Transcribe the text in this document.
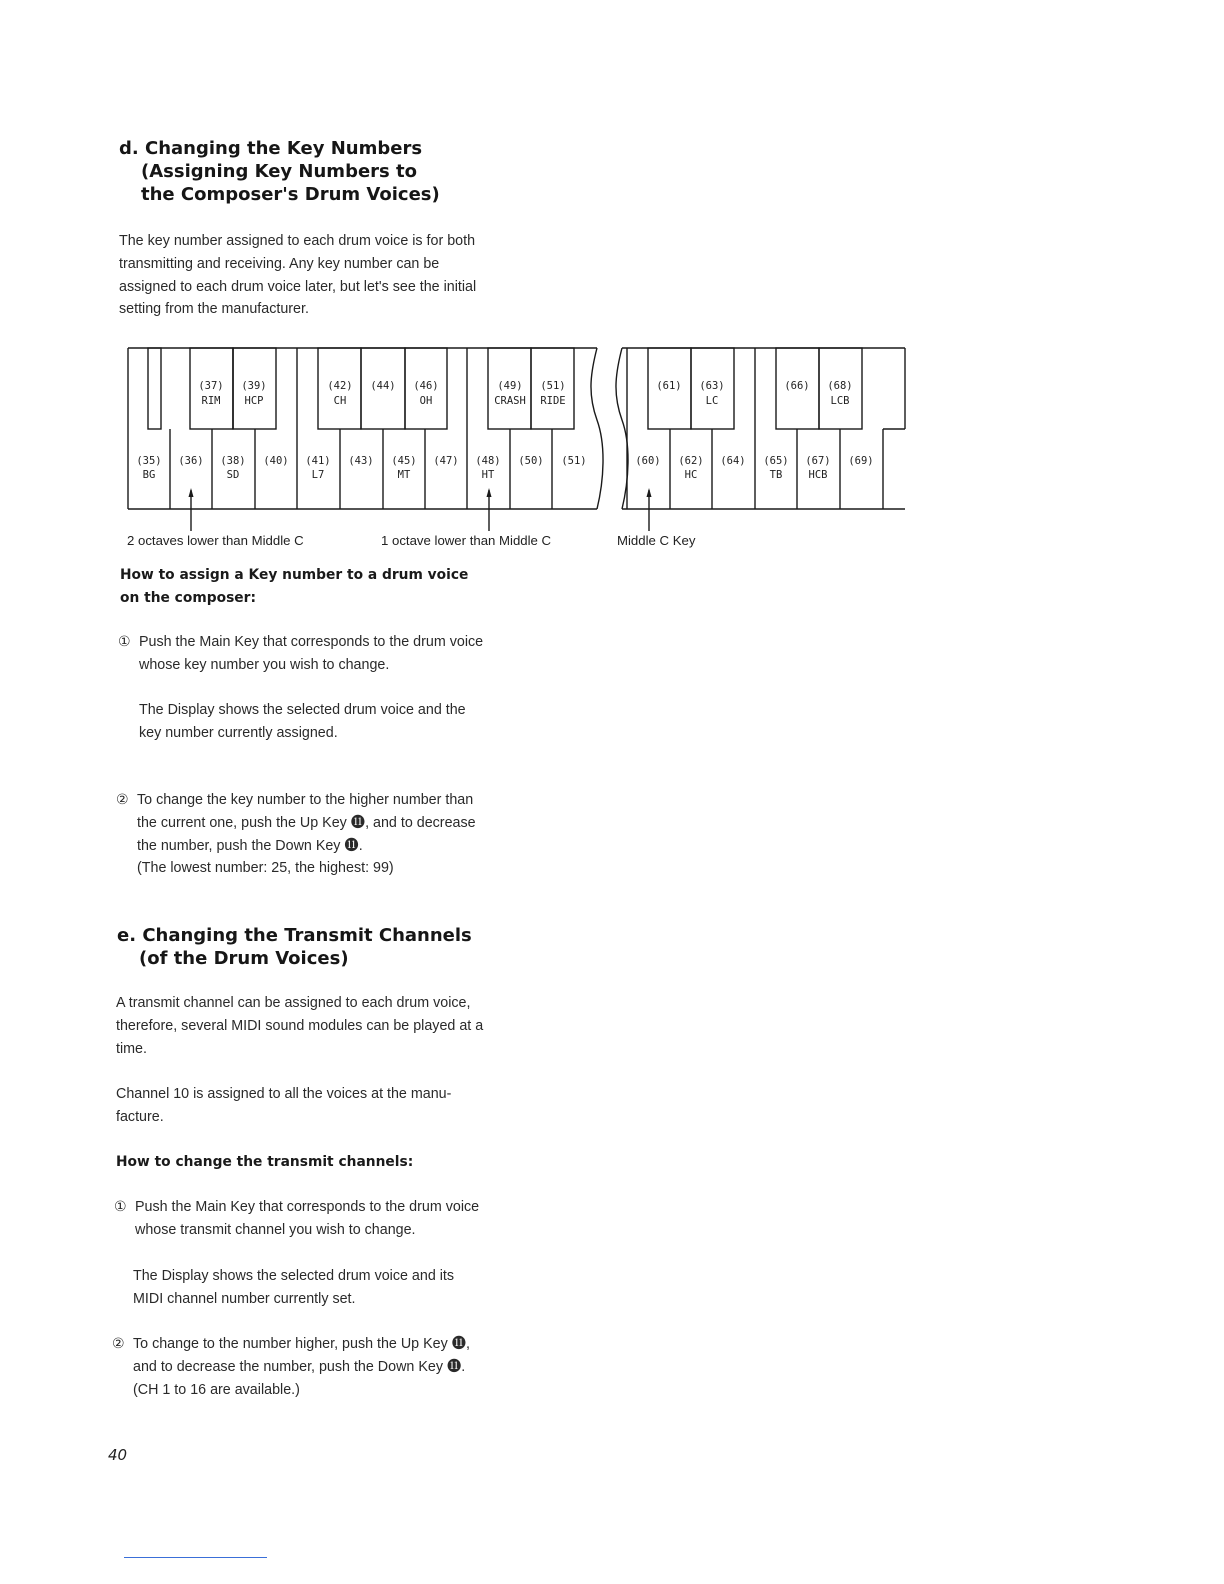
d. Changing the Key Numbers
(Assigning Key Numbers to
the Composer's Drum Voices)

The key number assigned to each drum voice is for both transmitting and receiving. Any key number can be assigned to each drum voice later, but let's see the initial setting from the manufacturer.

(37)
RIM
(39)
HCP
(42)
CH
(44) (46)
OH
(49)
CRASH
(51)
RIDE
(61) (63)
LC
(66) (68)
LCB
(35)
BG
(36) (38)
SD
(40) (41)
L7
(43) (45)
MT
(47) (48)
HT
(50) (51)	(60) (62)
HC
(64) (65)
TB
(67)
HCB
(69)
2 octaves lower than Middle C	1 octave lower than Middle C	Middle C Key

How to assign a Key number to a drum voice on the composer:

① Push the Main Key that corresponds to the drum voice whose key number you wish to change.
The Display shows the selected drum voice and the key number currently assigned.
② To change the key number to the higher number than the current one, push the Up Key ⓫, and to decrease the number, push the Down Key ⓫.
(The lowest number: 25, the highest: 99)
e. Changing the Transmit Channels
(of the Drum Voices)

A transmit channel can be assigned to each drum voice, therefore, several MIDI sound modules can be played at a time.

Channel 10 is assigned to all the voices at the manu-facture.

How to change the transmit channels:

① Push the Main Key that corresponds to the drum voice whose transmit channel you wish to change.
The Display shows the selected drum voice and its MIDI channel number currently set.
② To change to the number higher, push the Up Key ⓫, and to decrease the number, push the Down Key ⓫. (CH 1 to 16 are available.)
40
